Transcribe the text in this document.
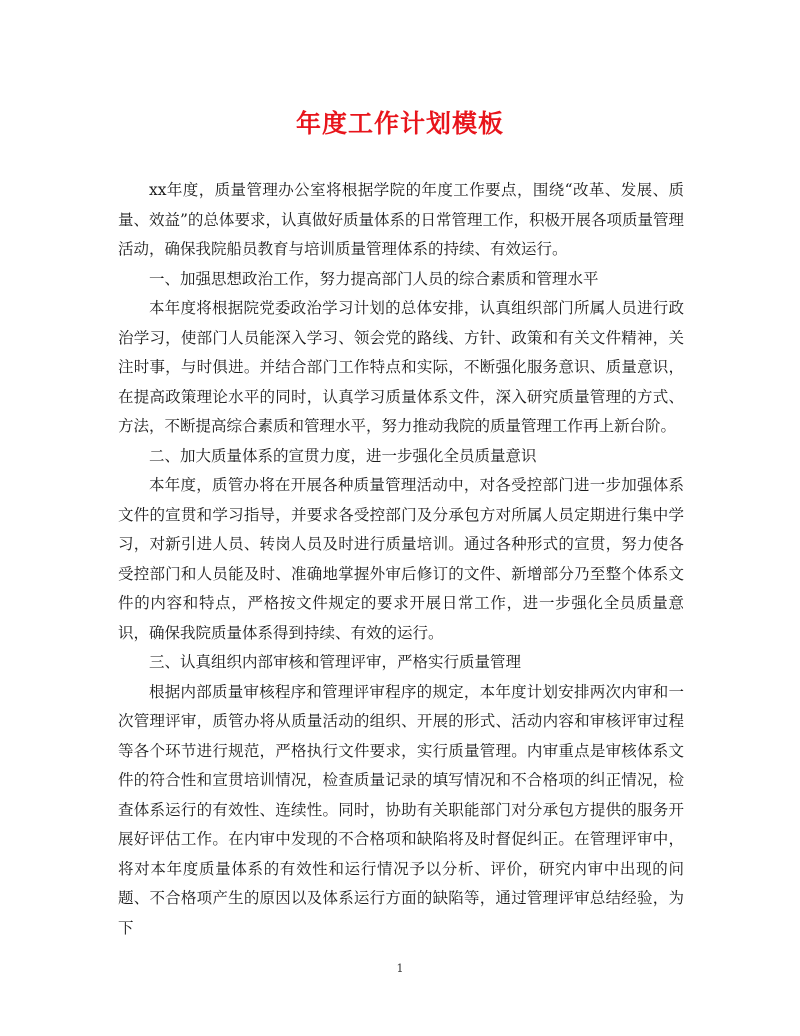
年度工作计划模板

xx年度，质量管理办公室将根据学院的年度工作要点，围绕“改革、发展、质量、效益”的总体要求，认真做好质量体系的日常管理工作，积极开展各项质量管理活动，确保我院船员教育与培训质量管理体系的持续、有效运行。

一、加强思想政治工作，努力提高部门人员的综合素质和管理水平

本年度将根据院党委政治学习计划的总体安排，认真组织部门所属人员进行政治学习，使部门人员能深入学习、领会党的路线、方针、政策和有关文件精神，关注时事，与时俱进。并结合部门工作特点和实际，不断强化服务意识、质量意识，在提高政策理论水平的同时，认真学习质量体系文件，深入研究质量管理的方式、方法，不断提高综合素质和管理水平，努力推动我院的质量管理工作再上新台阶。

二、加大质量体系的宣贯力度，进一步强化全员质量意识

本年度，质管办将在开展各种质量管理活动中，对各受控部门进一步加强体系文件的宣贯和学习指导，并要求各受控部门及分承包方对所属人员定期进行集中学习，对新引进人员、转岗人员及时进行质量培训。通过各种形式的宣贯，努力使各受控部门和人员能及时、准确地掌握外审后修订的文件、新增部分乃至整个体系文件的内容和特点，严格按文件规定的要求开展日常工作，进一步强化全员质量意识，确保我院质量体系得到持续、有效的运行。

三、认真组织内部审核和管理评审，严格实行质量管理

根据内部质量审核程序和管理评审程序的规定，本年度计划安排两次内审和一次管理评审，质管办将从质量活动的组织、开展的形式、活动内容和审核评审过程等各个环节进行规范，严格执行文件要求，实行质量管理。内审重点是审核体系文件的符合性和宣贯培训情况，检查质量记录的填写情况和不合格项的纠正情况，检查体系运行的有效性、连续性。同时，协助有关职能部门对分承包方提供的服务开展好评估工作。在内审中发现的不合格项和缺陷将及时督促纠正。在管理评审中，将对本年度质量体系的有效性和运行情况予以分析、评价，研究内审中出现的问题、不合格项产生的原因以及体系运行方面的缺陷等，通过管理评审总结经验，为下

1
